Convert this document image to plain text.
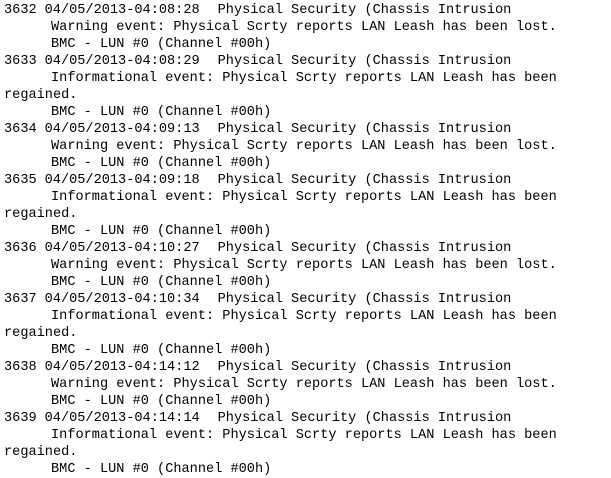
3632 04/05/2013-04:08:28 Physical Security (Chassis Intrusion
Warning event: Physical Scrty reports LAN Leash has been lost.
BMC - LUN #0 (Channel #00h)
3633 04/05/2013-04:08:29 Physical Security (Chassis Intrusion
Informational event: Physical Scrty reports LAN Leash has been
regained.
BMC - LUN #0 (Channel #00h)
3634 04/05/2013-04:09:13 Physical Security (Chassis Intrusion
Warning event: Physical Scrty reports LAN Leash has been lost.
BMC - LUN #0 (Channel #00h)
3635 04/05/2013-04:09:18 Physical Security (Chassis Intrusion
Informational event: Physical Scrty reports LAN Leash has been
regained.
BMC - LUN #0 (Channel #00h)
3636 04/05/2013-04:10:27 Physical Security (Chassis Intrusion
Warning event: Physical Scrty reports LAN Leash has been lost.
BMC - LUN #0 (Channel #00h)
3637 04/05/2013-04:10:34 Physical Security (Chassis Intrusion
Informational event: Physical Scrty reports LAN Leash has been
regained.
BMC - LUN #0 (Channel #00h)
3638 04/05/2013-04:14:12 Physical Security (Chassis Intrusion
Warning event: Physical Scrty reports LAN Leash has been lost.
BMC - LUN #0 (Channel #00h)
3639 04/05/2013-04:14:14 Physical Security (Chassis Intrusion
Informational event: Physical Scrty reports LAN Leash has been
regained.
BMC - LUN #0 (Channel #00h)
